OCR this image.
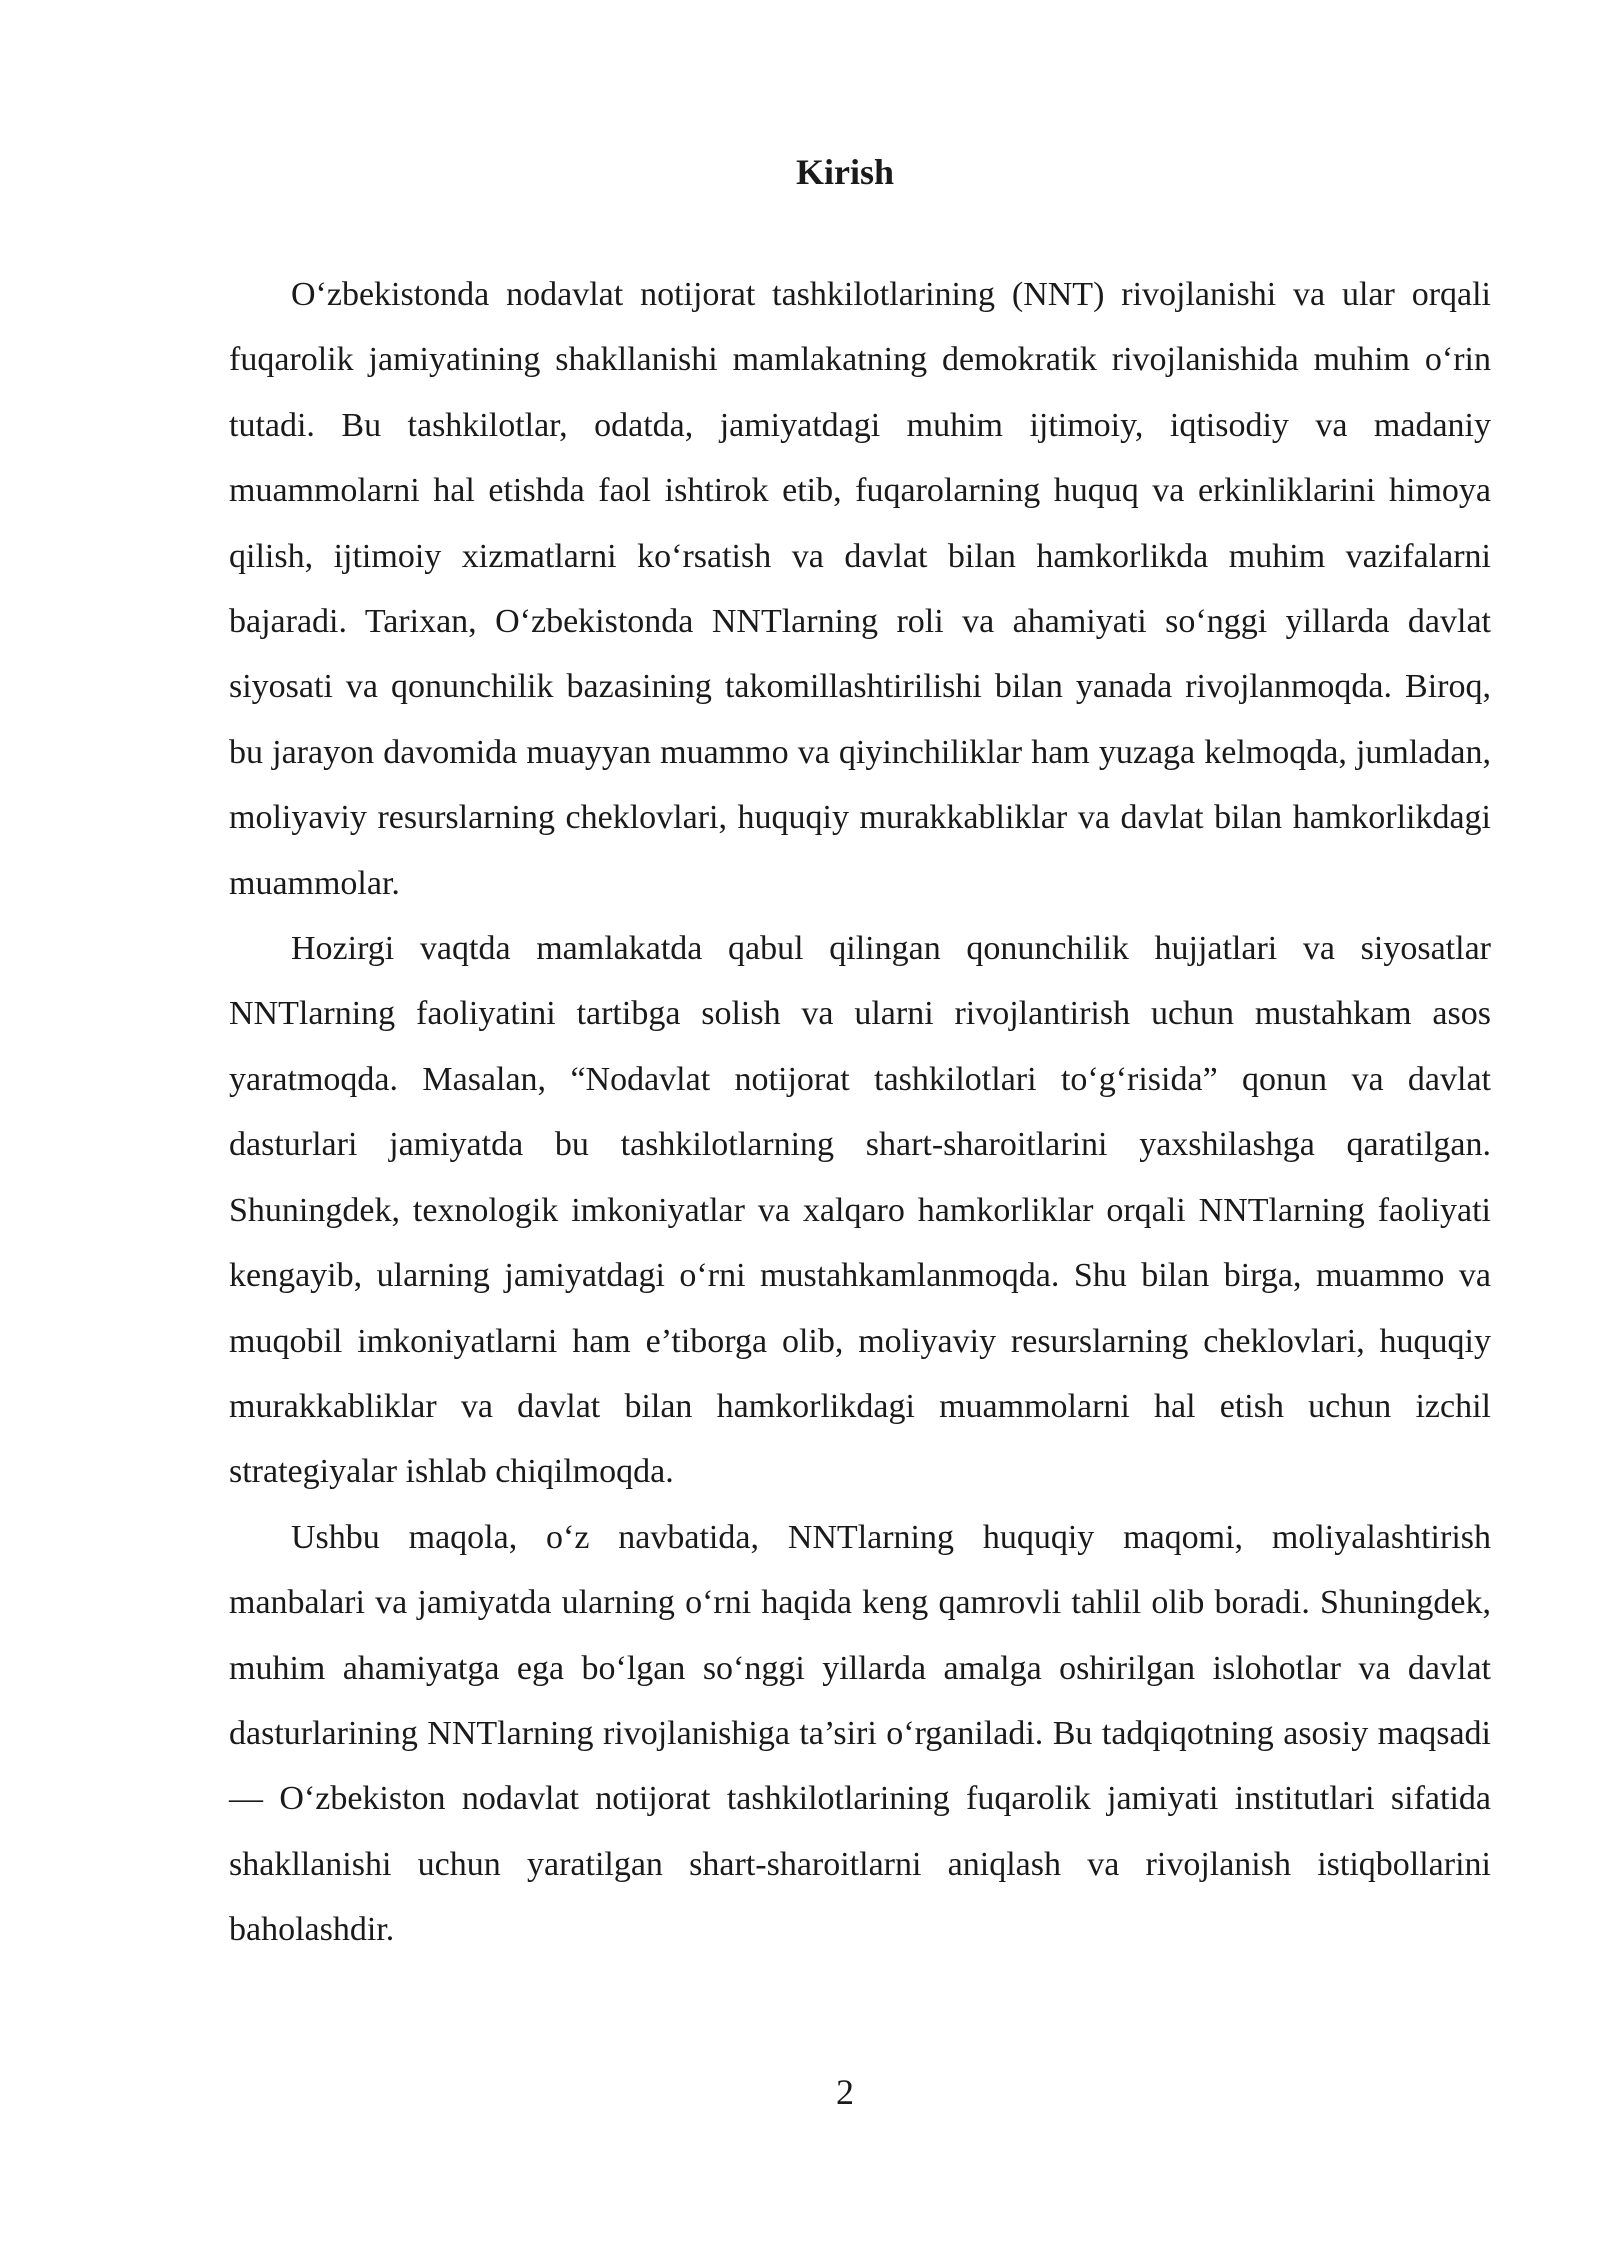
Kirish

O‘zbekistonda nodavlat notijorat tashkilotlarining (NNT) rivojlanishi va ular orqali fuqarolik jamiyatining shakllanishi mamlakatning demokratik rivojlanishida muhim o‘rin tutadi. Bu tashkilotlar, odatda, jamiyatdagi muhim ijtimoiy, iqtisodiy va madaniy muammolarni hal etishda faol ishtirok etib, fuqarolarning huquq va erkinliklarini himoya qilish, ijtimoiy xizmatlarni ko‘rsatish va davlat bilan hamkorlikda muhim vazifalarni bajaradi. Tarixan, O‘zbekistonda NNTlarning roli va ahamiyati so‘nggi yillarda davlat siyosati va qonunchilik bazasining takomillashtirilishi bilan yanada rivojlanmoqda. Biroq, bu jarayon davomida muayyan muammo va qiyinchiliklar ham yuzaga kelmoqda, jumladan, moliyaviy resurslarning cheklovlari, huquqiy murakkabliklar va davlat bilan hamkorlikdagi muammolar.

Hozirgi vaqtda mamlakatda qabul qilingan qonunchilik hujjatlari va siyosatlar NNTlarning faoliyatini tartibga solish va ularni rivojlantirish uchun mustahkam asos yaratmoqda. Masalan, “Nodavlat notijorat tashkilotlari to‘g‘risida” qonun va davlat dasturlari jamiyatda bu tashkilotlarning shart-sharoitlarini yaxshilashga qaratilgan. Shuningdek, texnologik imkoniyatlar va xalqaro hamkorliklar orqali NNTlarning faoliyati kengayib, ularning jamiyatdagi o‘rni mustahkamlanmoqda. Shu bilan birga, muammo va muqobil imkoniyatlarni ham e’tiborga olib, moliyaviy resurslarning cheklovlari, huquqiy murakkabliklar va davlat bilan hamkorlikdagi muammolarni hal etish uchun izchil strategiyalar ishlab chiqilmoqda.

Ushbu maqola, o‘z navbatida, NNTlarning huquqiy maqomi, moliyalashtirish manbalari va jamiyatda ularning o‘rni haqida keng qamrovli tahlil olib boradi. Shuningdek, muhim ahamiyatga ega bo‘lgan so‘nggi yillarda amalga oshirilgan islohotlar va davlat dasturlarining NNTlarning rivojlanishiga ta’siri o‘rganiladi. Bu tadqiqotning asosiy maqsadi — O‘zbekiston nodavlat notijorat tashkilotlarining fuqarolik jamiyati institutlari sifatida shakllanishi uchun yaratilgan shart-sharoitlarni aniqlash va rivojlanish istiqbollarini baholashdir.

2
